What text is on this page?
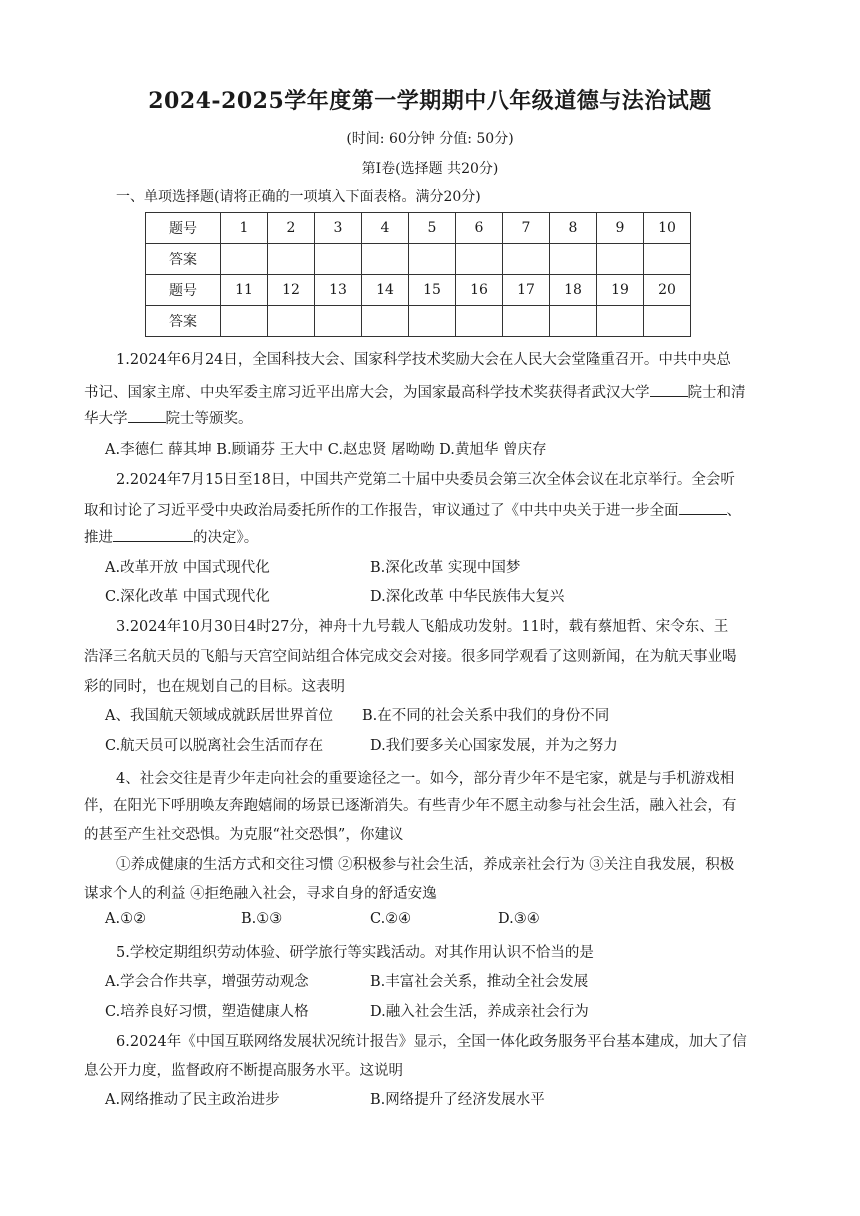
2024-2025学年度第一学期期中八年级道德与法治试题
(时间: 60分钟 分值: 50分)
第Ⅰ卷(选择题 共20分)
一、单项选择题(请将正确的一项填入下面表格。满分20分)
题号	1	2	3	4	5	6	7	8	9	10
答案										
题号	11	12	13	14	15	16	17	18	19	20
答案										
1.2024年6月24日，全国科技大会、国家科学技术奖励大会在人民大会堂隆重召开。中共中央总
书记、国家主席、中央军委主席习近平出席大会，为国家最高科学技术奖获得者武汉大学	院士和清
华大学	院士等颁奖。
A.李德仁 薛其坤 B.顾诵芬 王大中 C.赵忠贤 屠呦呦 D.黄旭华 曾庆存
2.2024年7月15日至18日，中国共产党第二十届中央委员会第三次全体会议在北京举行。全会听
取和讨论了习近平受中央政治局委托所作的工作报告，审议通过了《中共中央关于进一步全面	、
推进	的决定》。
A.改革开放 中国式现代化	B.深化改革 实现中国梦
C.深化改革 中国式现代化	D.深化改革 中华民族伟大复兴
3.2024年10月30日4时27分，神舟十九号载人飞船成功发射。11时，载有蔡旭哲、宋令东、王
浩泽三名航天员的飞船与天宫空间站组合体完成交会对接。很多同学观看了这则新闻，在为航天事业喝
彩的同时，也在规划自己的目标。这表明
A、我国航天领域成就跃居世界首位 B.在不同的社会关系中我们的身份不同
C.航天员可以脱离社会生活而存在	D.我们要多关心国家发展，并为之努力
4、社会交往是青少年走向社会的重要途径之一。如今，部分青少年不是宅家，就是与手机游戏相
伴，在阳光下呼朋唤友奔跑嬉闹的场景已逐渐消失。有些青少年不愿主动参与社会生活，融入社会，有
的甚至产生社交恐惧。为克服“社交恐惧”，你建议
①养成健康的生活方式和交往习惯 ②积极参与社会生活，养成亲社会行为 ③关注自我发展，积极
谋求个人的利益 ④拒绝融入社会，寻求自身的舒适安逸
A.①②	B.①③	C.②④	D.③④
5.学校定期组织劳动体验、研学旅行等实践活动。对其作用认识不恰当的是
A.学会合作共享，增强劳动观念	B.丰富社会关系，推动全社会发展
C.培养良好习惯，塑造健康人格	D.融入社会生活，养成亲社会行为
6.2024年《中国互联网络发展状况统计报告》显示，全国一体化政务服务平台基本建成，加大了信
息公开力度，监督政府不断提高服务水平。这说明
A.网络推动了民主政治进步	B.网络提升了经济发展水平
